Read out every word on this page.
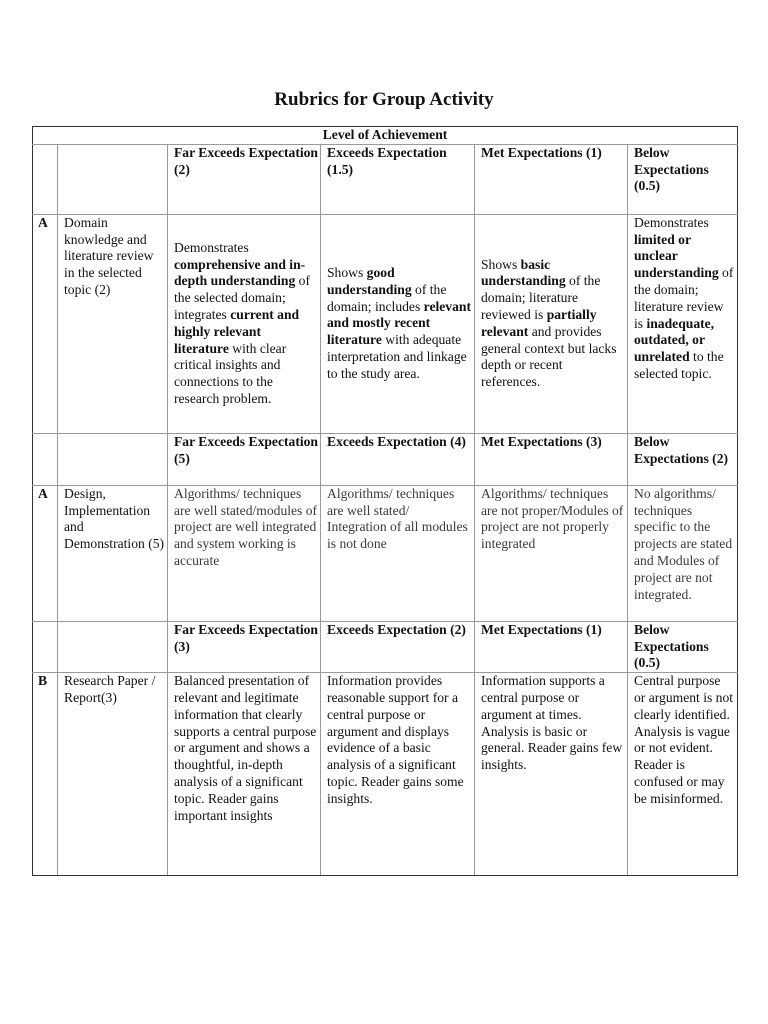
Rubrics for Group Activity
Level of Achievement					
		Far Exceeds Expectation (2)	Exceeds Expectation (1.5)	Met Expectations (1)	Below Expectations (0.5)
A	Domain knowledge and literature review in the selected topic (2)	Demonstrates comprehensive and in-depth understanding of the selected domain; integrates current and highly relevant literature with clear critical insights and connections to the research problem.	Shows good understanding of the domain; includes relevant and mostly recent literature with adequate interpretation and linkage to the study area.	Shows basic understanding of the domain; literature reviewed is partially relevant and provides general context but lacks depth or recent references.	Demonstrates limited or unclear understanding of the domain; literature review is inadequate, outdated, or unrelated to the selected topic.
		Far Exceeds Expectation (5)	Exceeds Expectation (4)	Met Expectations (3)	Below Expectations (2)
A	Design, Implementation and Demonstration (5)	Algorithms/ techniques are well stated/modules of project are well integrated and system working is accurate	Algorithms/ techniques are well stated/ Integration of all modules is not done	Algorithms/ techniques are not proper/Modules of project are not properly integrated	No algorithms/ techniques specific to the projects are stated and Modules of project are not integrated.
		Far Exceeds Expectation (3)	Exceeds Expectation (2)	Met Expectations (1)	Below Expectations (0.5)
B	Research Paper / Report(3)	Balanced presentation of relevant and legitimate information that clearly supports a central purpose or argument and shows a thoughtful, in-depth analysis of a significant topic. Reader gains important insights	Information provides reasonable support for a central purpose or argument and displays evidence of a basic analysis of a significant topic. Reader gains some insights.	Information supports a central purpose or argument at times. Analysis is basic or general. Reader gains few insights.	Central purpose or argument is not clearly identified. Analysis is vague or not evident. Reader is confused or may be misinformed.
